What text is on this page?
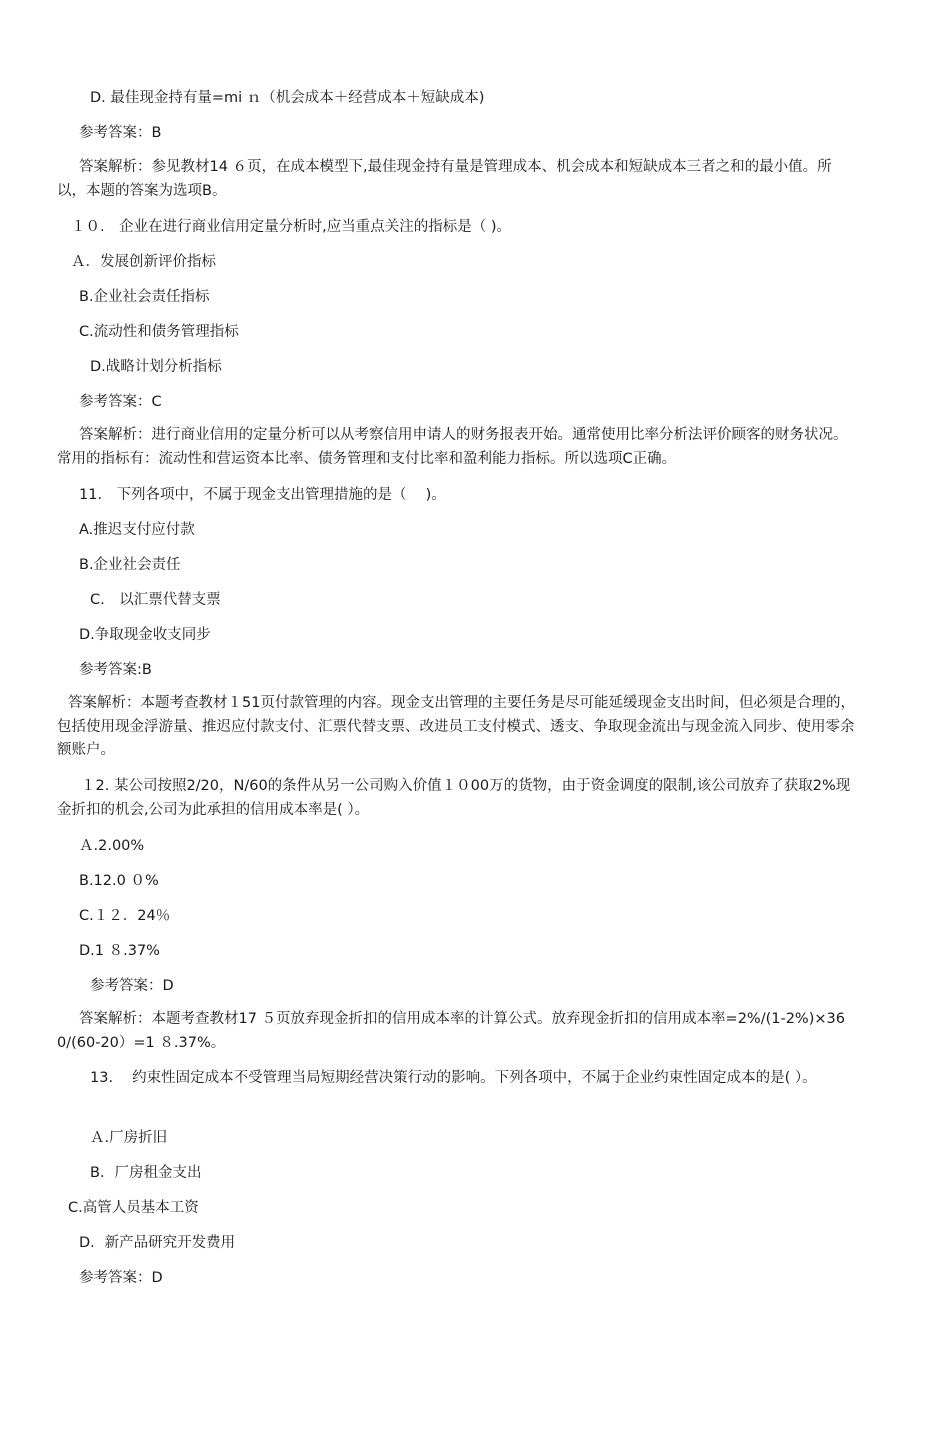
D. 最佳现金持有量=mi ｎ（机会成本＋经营成本＋短缺成本)
参考答案：B
答案解析：参见教材14 ６页，在成本模型下,最佳现金持有量是管理成本、机会成本和短缺成本三者之和的最小值。所以，本题的答案为选项B。
１０.　企业在进行商业信用定量分析时,应当重点关注的指标是（ )。
Ａ．发展创新评价指标
B.企业社会责任指标
C.流动性和债务管理指标
D.战略计划分析指标
参考答案：C
答案解析：进行商业信用的定量分析可以从考察信用申请人的财务报表开始。通常使用比率分析法评价顾客的财务状况。常用的指标有：流动性和营运资本比率、债务管理和支付比率和盈利能力指标。所以选项C正确。
11.　下列各项中，不属于现金支出管理措施的是（　 )。
A.推迟支付应付款
B.企业社会责任
C.　以汇票代替支票
D.争取现金收支同步
参考答案:B
答案解析：本题考查教材１51页付款管理的内容。现金支出管理的主要任务是尽可能延缓现金支出时间，但必须是合理的，包括使用现金浮游量、推迟应付款支付、汇票代替支票、改进员工支付模式、透支、争取现金流出与现金流入同步、使用零余额账户。
１2. 某公司按照2/20，N/60的条件从另一公司购入价值１０00万的货物，由于资金调度的限制,该公司放弃了获取2%现金折扣的机会,公司为此承担的信用成本率是( ）。
Ａ.2.00%
B.12.0 ０%
C.１２．24％
D.1 ８.37%
参考答案：D
答案解析：本题考查教材17 ５页放弃现金折扣的信用成本率的计算公式。放弃现金折扣的信用成本率=2%/(1-2%)×360/(60-20）=1 ８.37%。
13.　 约束性固定成本不受管理当局短期经营决策行动的影响。下列各项中，不属于企业约束性固定成本的是( ）。
Ａ.厂房折旧
B．厂房租金支出
C.高管人员基本工资
D．新产品研究开发费用
参考答案：D
